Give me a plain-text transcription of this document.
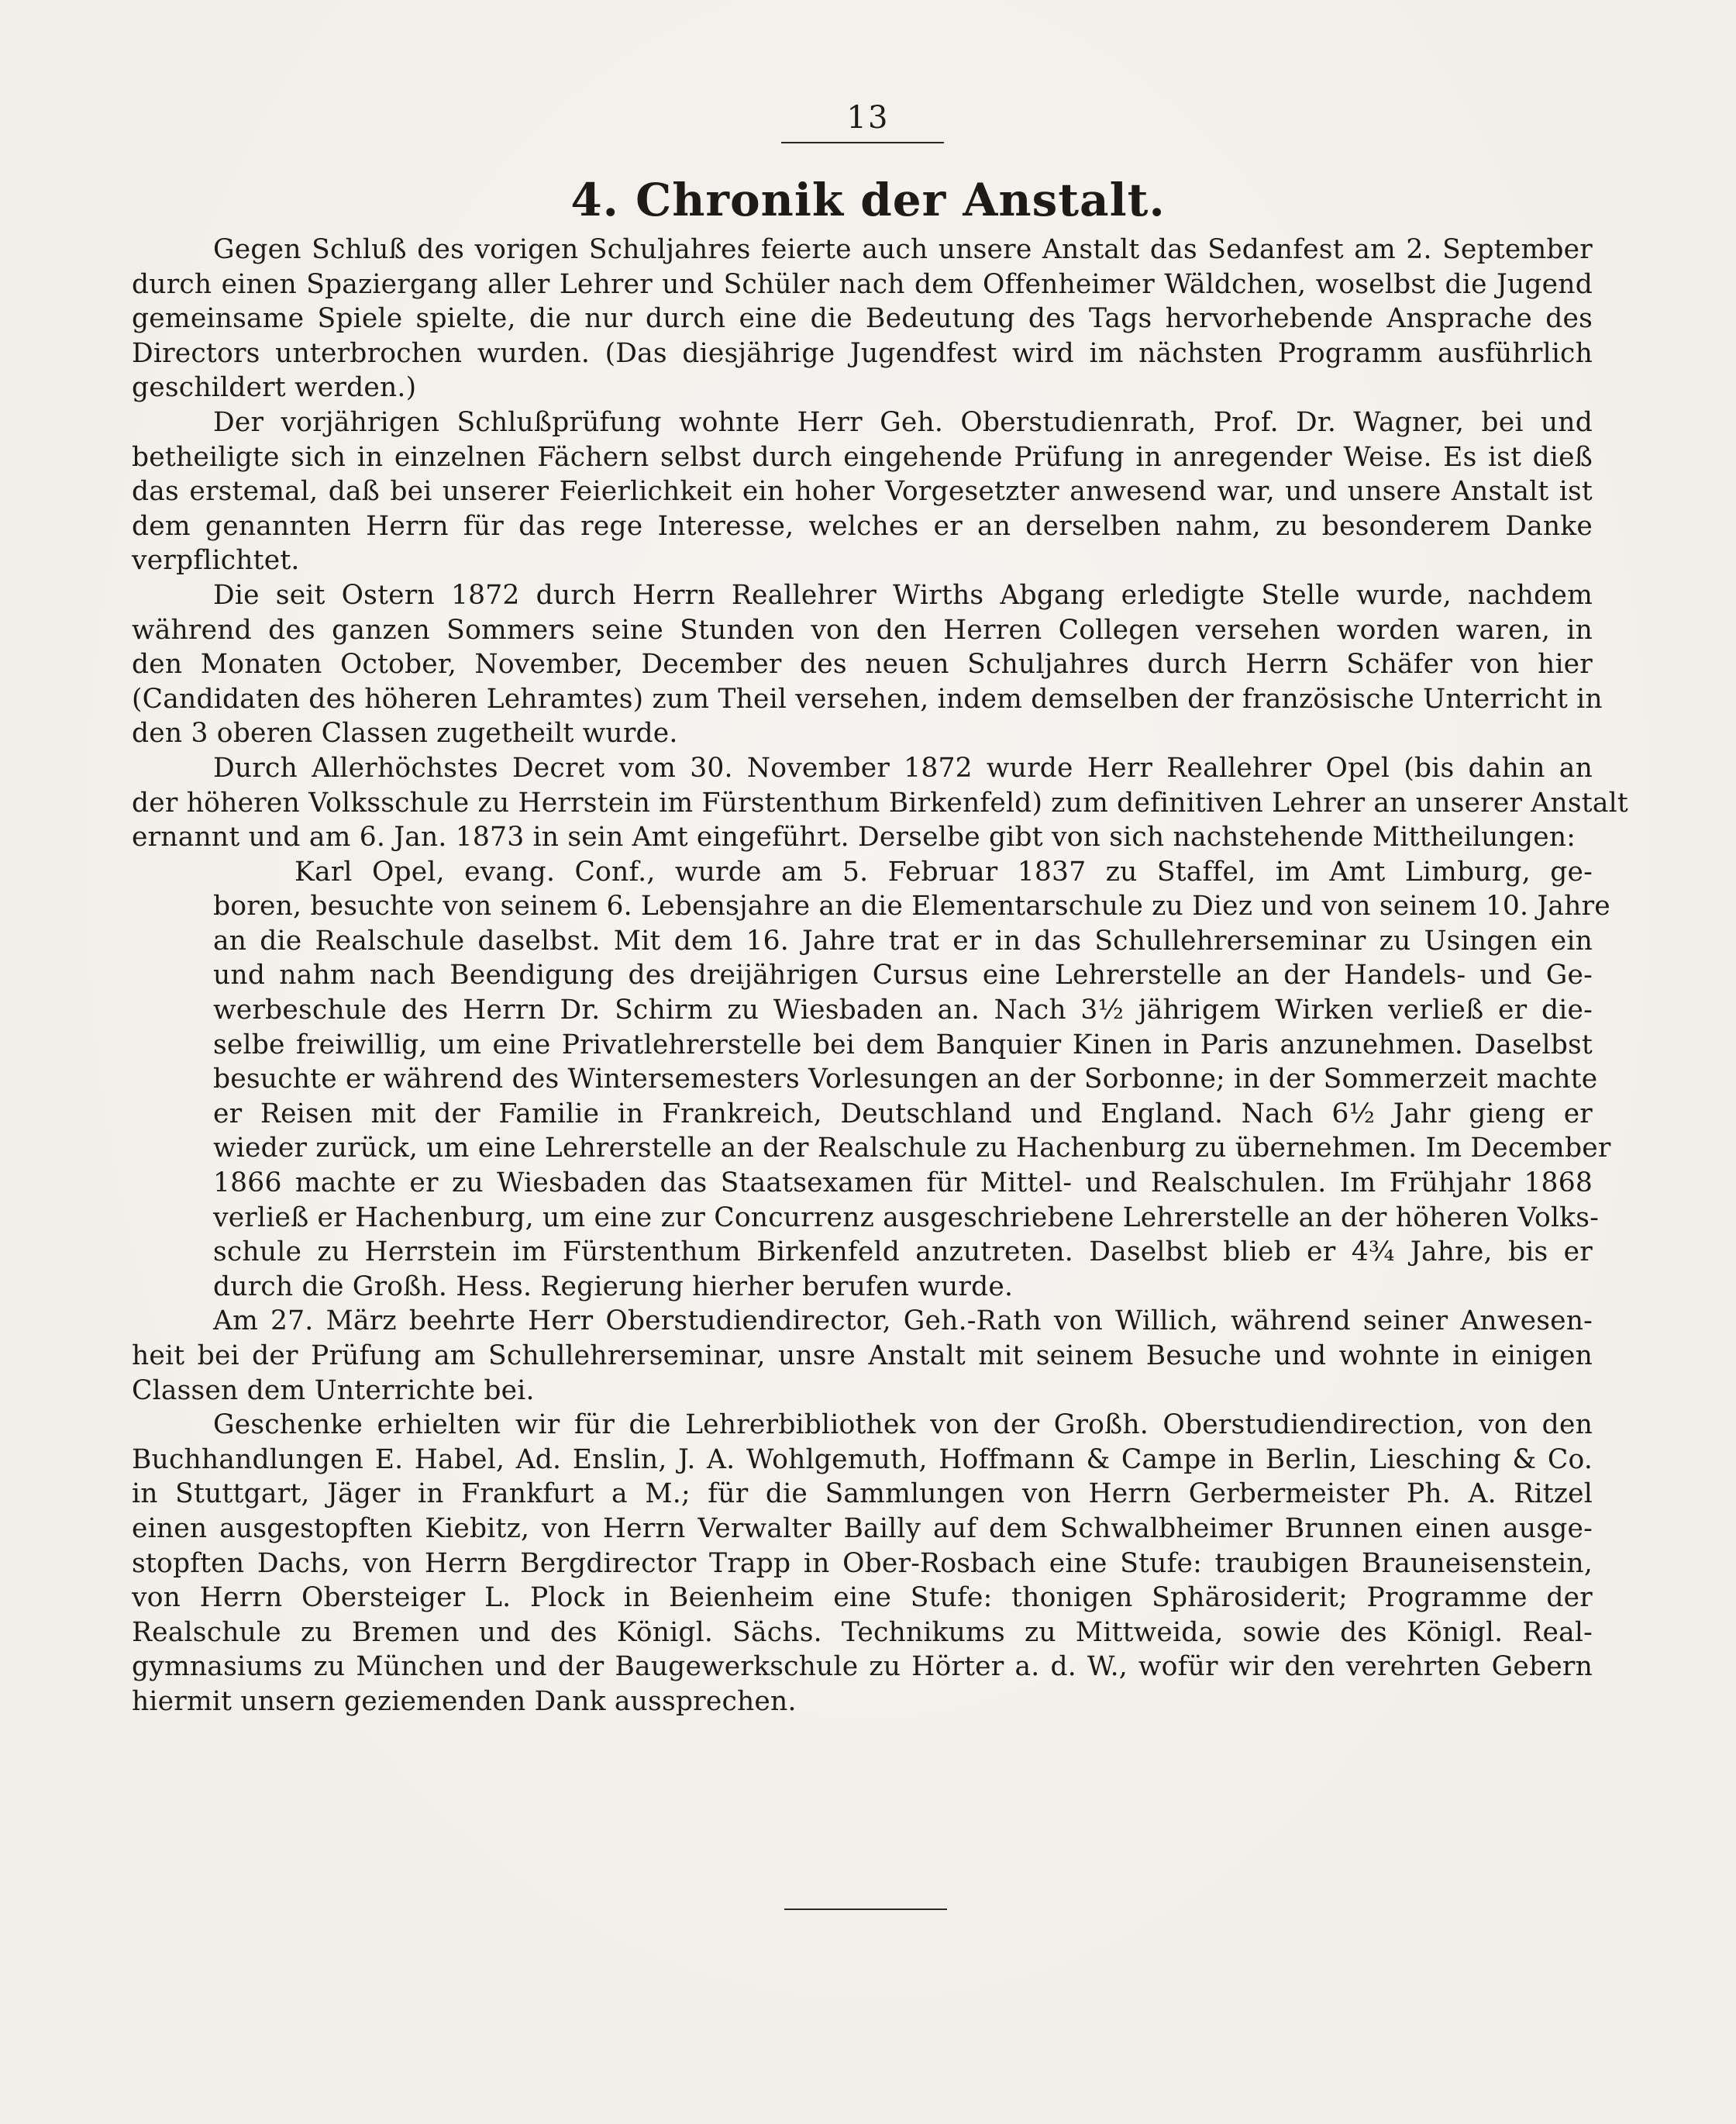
13
4. Chronik der Anstalt.
Gegen Schluß des vorigen Schuljahres feierte auch unsere Anstalt das Sedanfest am 2. September
durch einen Spaziergang aller Lehrer und Schüler nach dem Offenheimer Wäldchen, woselbst die Jugend
gemeinsame Spiele spielte, die nur durch eine die Bedeutung des Tags hervorhebende Ansprache des
Directors unterbrochen wurden. (Das diesjährige Jugendfest wird im nächsten Programm ausführlich
geschildert werden.)
Der vorjährigen Schlußprüfung wohnte Herr Geh. Oberstudienrath, Prof. Dr. Wagner, bei und
betheiligte sich in einzelnen Fächern selbst durch eingehende Prüfung in anregender Weise. Es ist dieß
das erstemal, daß bei unserer Feierlichkeit ein hoher Vorgesetzter anwesend war, und unsere Anstalt ist
dem genannten Herrn für das rege Interesse, welches er an derselben nahm, zu besonderem Danke
verpflichtet.
Die seit Ostern 1872 durch Herrn Reallehrer Wirths Abgang erledigte Stelle wurde, nachdem
während des ganzen Sommers seine Stunden von den Herren Collegen versehen worden waren, in
den Monaten October, November, December des neuen Schuljahres durch Herrn Schäfer von hier
(Candidaten des höheren Lehramtes) zum Theil versehen, indem demselben der französische Unterricht in
den 3 oberen Classen zugetheilt wurde.
Durch Allerhöchstes Decret vom 30. November 1872 wurde Herr Reallehrer Opel (bis dahin an
der höheren Volksschule zu Herrstein im Fürstenthum Birkenfeld) zum definitiven Lehrer an unserer Anstalt
ernannt und am 6. Jan. 1873 in sein Amt eingeführt. Derselbe gibt von sich nachstehende Mittheilungen:
Karl Opel, evang. Conf., wurde am 5. Februar 1837 zu Staffel, im Amt Limburg, ge-
boren, besuchte von seinem 6. Lebensjahre an die Elementarschule zu Diez und von seinem 10. Jahre
an die Realschule daselbst. Mit dem 16. Jahre trat er in das Schullehrerseminar zu Usingen ein
und nahm nach Beendigung des dreijährigen Cursus eine Lehrerstelle an der Handels- und Ge-
werbeschule des Herrn Dr. Schirm zu Wiesbaden an. Nach 3½ jährigem Wirken verließ er die-
selbe freiwillig, um eine Privatlehrerstelle bei dem Banquier Kinen in Paris anzunehmen. Daselbst
besuchte er während des Wintersemesters Vorlesungen an der Sorbonne; in der Sommerzeit machte
er Reisen mit der Familie in Frankreich, Deutschland und England. Nach 6½ Jahr gieng er
wieder zurück, um eine Lehrerstelle an der Realschule zu Hachenburg zu übernehmen. Im December
1866 machte er zu Wiesbaden das Staatsexamen für Mittel- und Realschulen. Im Frühjahr 1868
verließ er Hachenburg, um eine zur Concurrenz ausgeschriebene Lehrerstelle an der höheren Volks-
schule zu Herrstein im Fürstenthum Birkenfeld anzutreten. Daselbst blieb er 4¾ Jahre, bis er
durch die Großh. Hess. Regierung hierher berufen wurde.
Am 27. März beehrte Herr Oberstudiendirector, Geh.-Rath von Willich, während seiner Anwesen-
heit bei der Prüfung am Schullehrerseminar, unsre Anstalt mit seinem Besuche und wohnte in einigen
Classen dem Unterrichte bei.
Geschenke erhielten wir für die Lehrerbibliothek von der Großh. Oberstudiendirection, von den
Buchhandlungen E. Habel, Ad. Enslin, J. A. Wohlgemuth, Hoffmann & Campe in Berlin, Liesching & Co.
in Stuttgart, Jäger in Frankfurt a M.; für die Sammlungen von Herrn Gerbermeister Ph. A. Ritzel
einen ausgestopften Kiebitz, von Herrn Verwalter Bailly auf dem Schwalbheimer Brunnen einen ausge-
stopften Dachs, von Herrn Bergdirector Trapp in Ober-Rosbach eine Stufe: traubigen Brauneisenstein,
von Herrn Obersteiger L. Plock in Beienheim eine Stufe: thonigen Sphärosiderit; Programme der
Realschule zu Bremen und des Königl. Sächs. Technikums zu Mittweida, sowie des Königl. Real-
gymnasiums zu München und der Baugewerkschule zu Hörter a. d. W., wofür wir den verehrten Gebern
hiermit unsern geziemenden Dank aussprechen.
